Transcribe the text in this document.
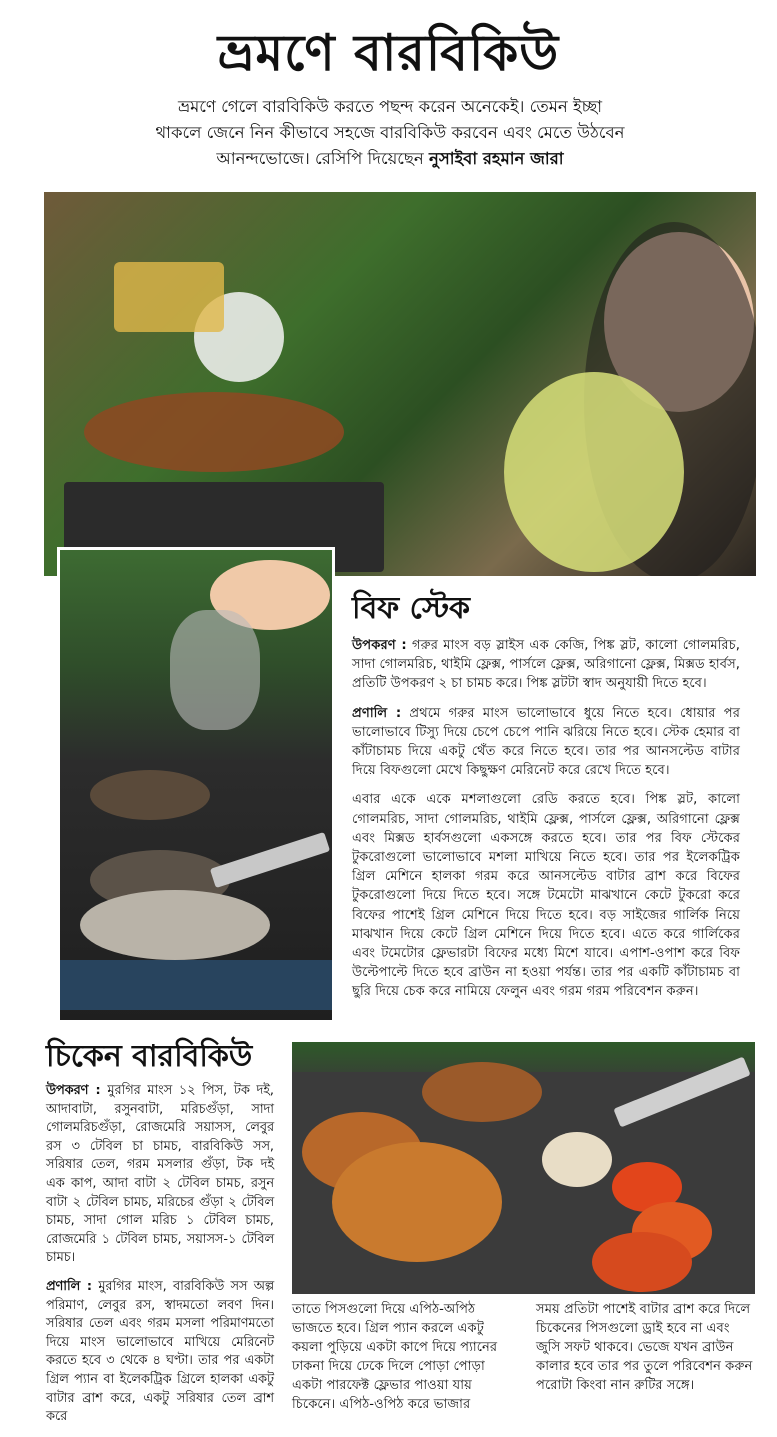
ভ্রমণে বারবিকিউ
ভ্রমণে গেলে বারবিকিউ করতে পছন্দ করেন অনেকেই। তেমন ইচ্ছা
থাকলে জেনে নিন কীভাবে সহজে বারবিকিউ করবেন এবং মেতে উঠবেন
আনন্দভোজে। রেসিপি দিয়েছেন নুসাইবা রহমান জারা
বিফ স্টেক

উপকরণ : গরুর মাংস বড় স্লাইস এক কেজি, পিঙ্ক স্লট, কালো গোলমরিচ, সাদা গোলমরিচ, থাইমি ফ্লেক্স, পার্সলে ফ্লেক্স, অরিগানো ফ্লেক্স, মিক্সড হার্বস, প্রতিটি উপকরণ ২ চা চামচ করে। পিঙ্ক স্লটটা স্বাদ অনুযায়ী দিতে হবে।

প্রণালি : প্রথমে গরুর মাংস ভালোভাবে ধুয়ে নিতে হবে। ধোয়ার পর ভালোভাবে টিস্যু দিয়ে চেপে চেপে পানি ঝরিয়ে নিতে হবে। স্টেক হেমার বা কাঁটাচামচ দিয়ে একটু থেঁত করে নিতে হবে। তার পর আনসল্টেড বাটার দিয়ে বিফগুলো মেখে কিছুক্ষণ মেরিনেট করে রেখে দিতে হবে।

এবার একে একে মশলাগুলো রেডি করতে হবে। পিঙ্ক স্লট, কালো গোলমরিচ, সাদা গোলমরিচ, থাইমি ফ্লেক্স, পার্সলে ফ্লেক্স, অরিগানো ফ্লেক্স এবং মিক্সড হার্বসগুলো একসঙ্গে করতে হবে। তার পর বিফ স্টেকের টুকরোগুলো ভালোভাবে মশলা মাখিয়ে নিতে হবে। তার পর ইলেকট্রিক গ্রিল মেশিনে হালকা গরম করে আনসল্টেড বাটার ব্রাশ করে বিফের টুকরোগুলো দিয়ে দিতে হবে। সঙ্গে টমেটো মাঝখানে কেটে টুকরো করে বিফের পাশেই গ্রিল মেশিনে দিয়ে দিতে হবে। বড় সাইজের গার্লিক নিয়ে মাঝখান দিয়ে কেটে গ্রিল মেশিনে দিয়ে দিতে হবে। এতে করে গার্লিকের এবং টমেটোর ফ্লেভারটা বিফের মধ্যে মিশে যাবে। এপাশ-ওপাশ করে বিফ উল্টেপাল্টে দিতে হবে ব্রাউন না হওয়া পর্যন্ত। তার পর একটি কাঁটাচামচ বা ছুরি দিয়ে চেক করে নামিয়ে ফেলুন এবং গরম গরম পরিবেশন করুন।

চিকেন বারবিকিউ

উপকরণ : মুরগির মাংস ১২ পিস, টক দই, আদাবাটা, রসুনবাটা, মরিচগুঁড়া, সাদা গোলমরিচগুঁড়া, রোজমেরি সয়াসস, লেবুর রস ৩ টেবিল চা চামচ, বারবিকিউ সস, সরিষার তেল, গরম মসলার গুঁড়া, টক দই এক কাপ, আদা বাটা ২ টেবিল চামচ, রসুন বাটা ২ টেবিল চামচ, মরিচের গুঁড়া ২ টেবিল চামচ, সাদা গোল মরিচ ১ টেবিল চামচ, রোজমেরি ১ টেবিল চামচ, সয়াসস-১ টেবিল চামচ।

প্রণালি : মুরগির মাংস, বারবিকিউ সস অল্প পরিমাণ, লেবুর রস, স্বাদমতো লবণ দিন। সরিষার তেল এবং গরম মসলা পরিমাণমতো দিয়ে মাংস ভালোভাবে মাখিয়ে মেরিনেট করতে হবে ৩ থেকে ৪ ঘণ্টা। তার পর একটা গ্রিল প্যান বা ইলেকট্রিক গ্রিলে হালকা একটু বাটার ব্রাশ করে, একটু সরিষার তেল ব্রাশ করে

তাতে পিসগুলো দিয়ে এপিঠ-অপিঠ ভাজতে হবে। গ্রিল প্যান করলে একটু কয়লা পুড়িয়ে একটা কাপে দিয়ে প্যানের ঢাকনা দিয়ে ঢেকে দিলে পোড়া পোড়া একটা পারফেক্ট ফ্লেভার পাওয়া যায় চিকেনে। এপিঠ-ওপিঠ করে ভাজার
সময় প্রতিটা পাশেই বাটার ব্রাশ করে দিলে চিকেনের পিসগুলো ড্রাই হবে না এবং জুসি সফট থাকবে। ভেজে যখন ব্রাউন কালার হবে তার পর তুলে পরিবেশন করুন পরোটা কিংবা নান রুটির সঙ্গে।
